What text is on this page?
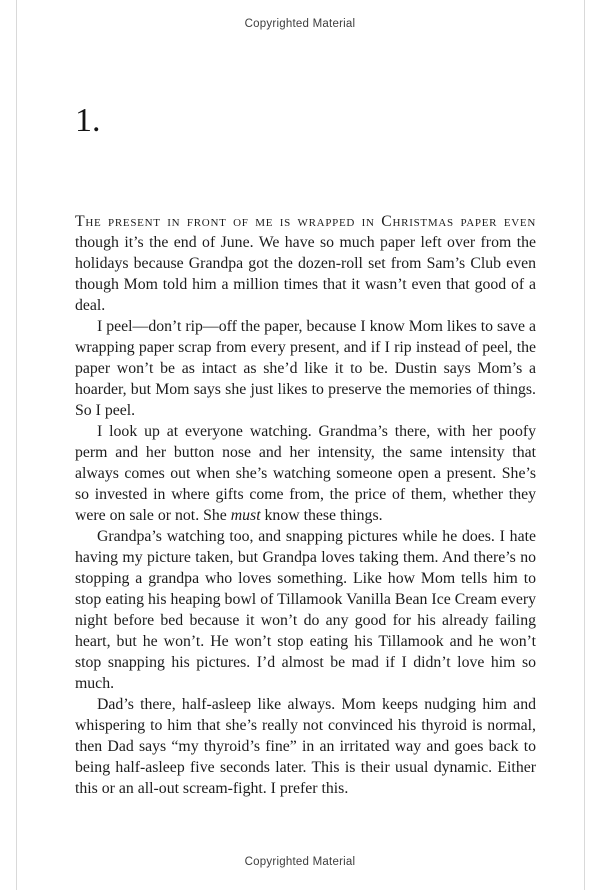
Copyrighted Material
1.

The present in front of me is wrapped in Christmas paper even though it’s the end of June. We have so much paper left over from the holidays because Grandpa got the dozen-roll set from Sam’s Club even though Mom told him a million times that it wasn’t even that good of a deal.

I peel—don’t rip—off the paper, because I know Mom likes to save a wrapping paper scrap from every present, and if I rip instead of peel, the paper won’t be as intact as she’d like it to be. Dustin says Mom’s a hoarder, but Mom says she just likes to preserve the memories of things. So I peel.

I look up at everyone watching. Grandma’s there, with her poofy perm and her button nose and her intensity, the same intensity that always comes out when she’s watching someone open a present. She’s so invested in where gifts come from, the price of them, whether they were on sale or not. She must know these things.

Grandpa’s watching too, and snapping pictures while he does. I hate having my picture taken, but Grandpa loves taking them. And there’s no stopping a grandpa who loves something. Like how Mom tells him to stop eating his heaping bowl of Tillamook Vanilla Bean Ice Cream every night before bed because it won’t do any good for his already failing heart, but he won’t. He won’t stop eating his Tillamook and he won’t stop snapping his pictures. I’d almost be mad if I didn’t love him so much.

Dad’s there, half-asleep like always. Mom keeps nudging him and whispering to him that she’s really not convinced his thyroid is normal, then Dad says “my thyroid’s fine” in an irritated way and goes back to being half-asleep five seconds later. This is their usual dynamic. Either this or an all-out scream-fight. I prefer this.

Copyrighted Material
